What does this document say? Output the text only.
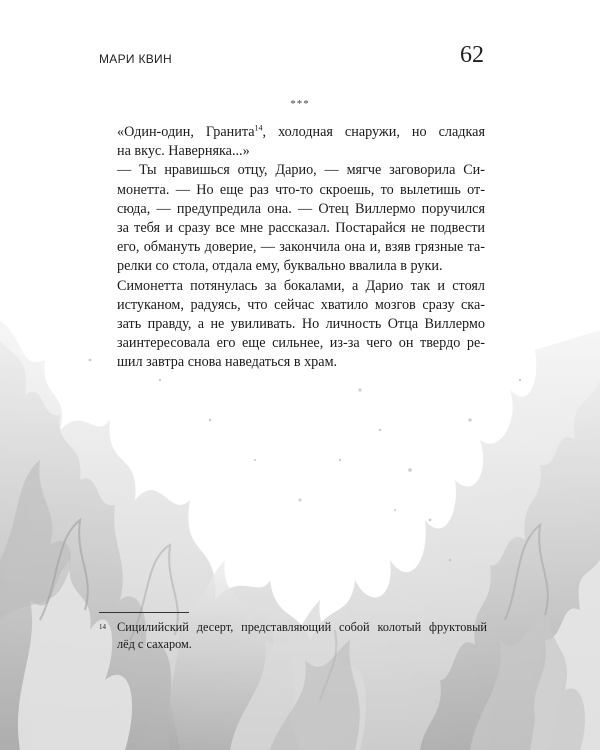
МАРИ КВИН	62
***

«Один-один, Гранита$^{14}$, холодная снаружи, но сладкая

на вкус. Наверняка...»

— Ты нравишься отцу, Дарио, — мягче заговорила Си-

монетта. — Но еще раз что-то скроешь, то вылетишь от-

сюда, — предупредила она. — Отец Виллермо поручился

за тебя и сразу все мне рассказал. Постарайся не подвести

его, обмануть доверие, — закончила она и, взяв грязные та-

релки со стола, отдала ему, буквально ввалила в руки.

Симонетта потянулась за бокалами, а Дарио так и стоял

истуканом, радуясь, что сейчас хватило мозгов сразу ска-

зать правду, а не увиливать. Но личность Отца Виллермо

заинтересовала его еще сильнее, из-за чего он твердо ре-

шил завтра снова наведаться в храм.

14 Сицилийский десерт, представляющий собой колотый фруктовый
лёд с сахаром.
